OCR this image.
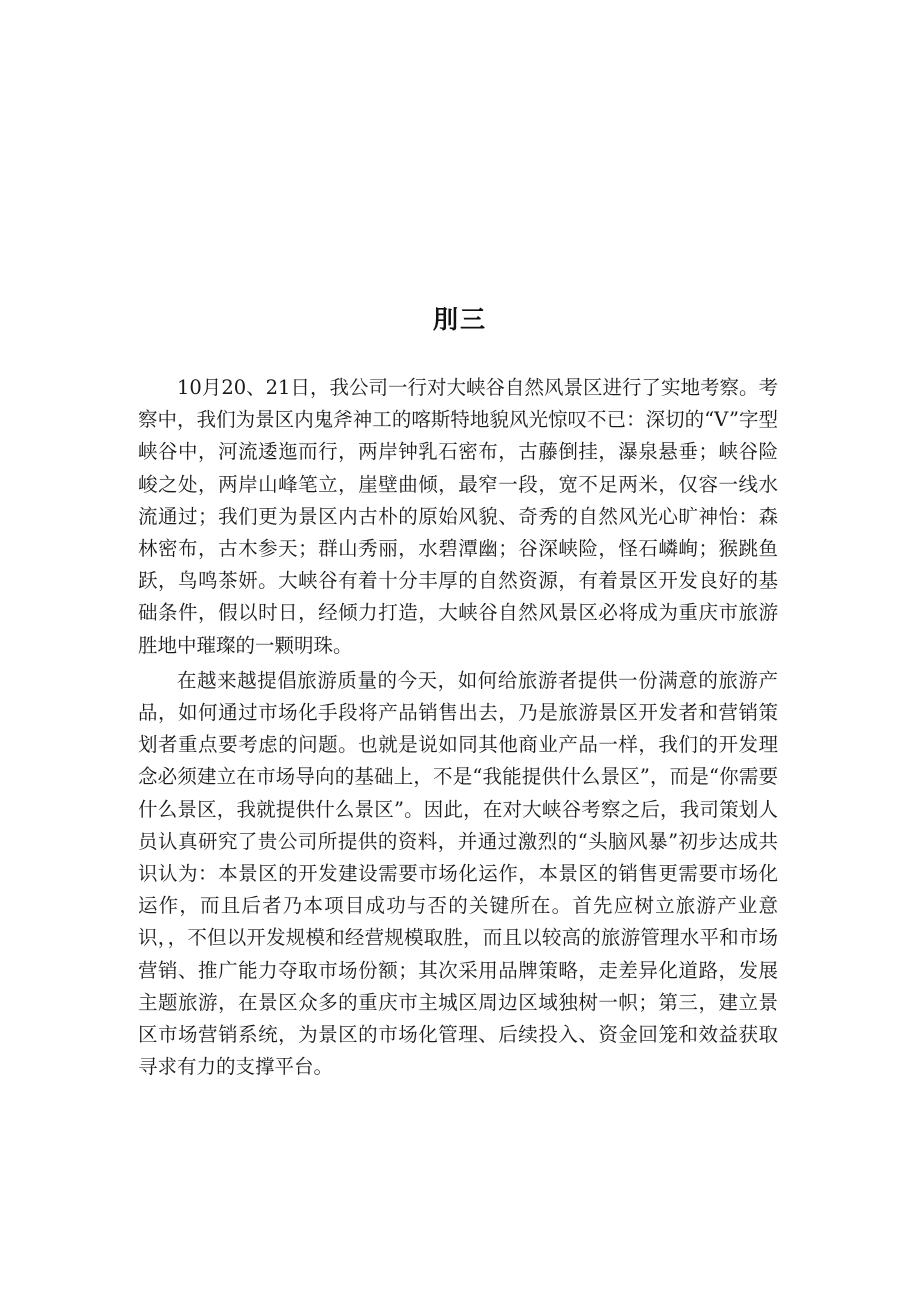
刖三

10月20、21日，我公司一行对大峡谷自然风景区进行了实地考察。考察中，我们为景区内鬼斧神工的喀斯特地貌风光惊叹不已：深切的“V”字型峡谷中，河流逶迤而行，两岸钟乳石密布，古藤倒挂，瀑泉悬垂；峡谷险峻之处，两岸山峰笔立，崖壁曲倾，最窄一段，宽不足两米，仅容一线水流通过；我们更为景区内古朴的原始风貌、奇秀的自然风光心旷神怡：森林密布，古木参天；群山秀丽，水碧潭幽；谷深峡险，怪石嶙峋；猴跳鱼跃，鸟鸣茶妍。大峡谷有着十分丰厚的自然资源，有着景区开发良好的基础条件，假以时日，经倾力打造，大峡谷自然风景区必将成为重庆市旅游胜地中璀璨的一颗明珠。

在越来越提倡旅游质量的今天，如何给旅游者提供一份满意的旅游产品，如何通过市场化手段将产品销售出去，乃是旅游景区开发者和营销策划者重点要考虑的问题。也就是说如同其他商业产品一样，我们的开发理念必须建立在市场导向的基础上，不是“我能提供什么景区”，而是“你需要什么景区，我就提供什么景区”。因此，在对大峡谷考察之后，我司策划人员认真研究了贵公司所提供的资料，并通过激烈的“头脑风暴”初步达成共识认为：本景区的开发建设需要市场化运作，本景区的销售更需要市场化运作，而且后者乃本项目成功与否的关键所在。首先应树立旅游产业意识，，不但以开发规模和经营规模取胜，而且以较高的旅游管理水平和市场营销、推广能力夺取市场份额；其次采用品牌策略，走差异化道路，发展主题旅游，在景区众多的重庆市主城区周边区域独树一帜；第三，建立景区市场营销系统，为景区的市场化管理、后续投入、资金回笼和效益获取寻求有力的支撑平台。
